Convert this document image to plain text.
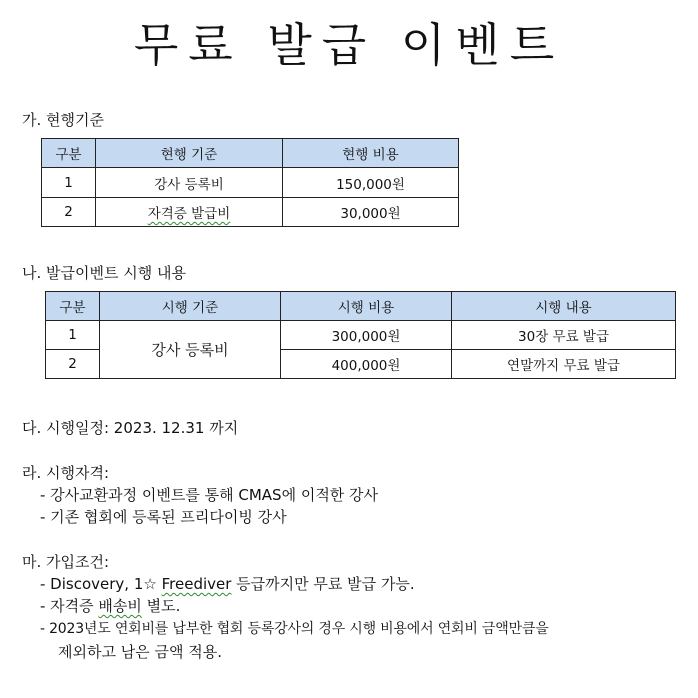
무료 발급 이벤트
가. 현행기준
구분	현행 기준	현행 비용
1	강사 등록비	150,000원
2	자격증 발급비	30,000원
나. 발급이벤트 시행 내용
구분	시행 기준	시행 비용	시행 내용
1	강사 등록비	300,000원	30장 무료 발급
2		400,000원	연말까지 무료 발급
다. 시행일정: 2023. 12.31 까지
라. 시행자격:
- 강사교환과정 이벤트를 통해 CMAS에 이적한 강사
- 기존 협회에 등록된 프리다이빙 강사
마. 가입조건:
- Discovery, 1☆ Freediver 등급까지만 무료 발급 가능.
- 자격증 배송비 별도.
- 2023년도 연회비를 납부한 협회 등록강사의 경우 시행 비용에서 연회비 금액만큼을
제외하고 남은 금액 적용.
